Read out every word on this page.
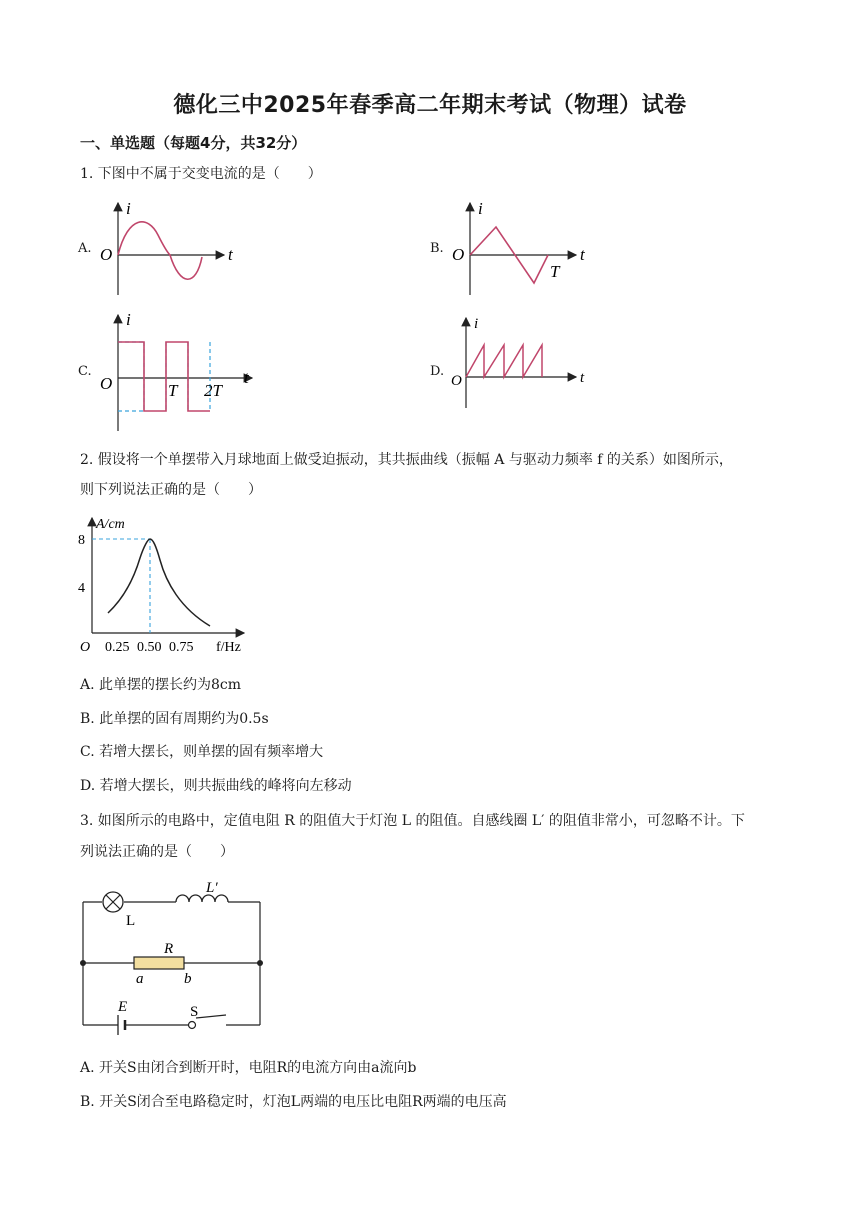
德化三中2025年春季高二年期末考试（物理）试卷
一、单选题（每题4分，共32分）
1. 下图中不属于交变电流的是（　　）
A.
i
t
O	B.
i
t
O
T
C.
i
t
O	T 2T
D.
i
t
O
2. 假设将一个单摆带入月球地面上做受迫振动，其共振曲线（振幅 A 与驱动力频率 f 的关系）如图所示，
则下列说法正确的是（　　）
A/cm
8
4
O 0.25 0.50 0.75 f/Hz
A. 此单摆的摆长约为8cm
B. 此单摆的固有周期约为0.5s
C. 若增大摆长，则单摆的固有频率增大
D. 若增大摆长，则共振曲线的峰将向左移动
3. 如图所示的电路中，定值电阻 R 的阻值大于灯泡 L 的阻值。自感线圈 L′ 的阻值非常小，可忽略不计。下
列说法正确的是（　　）
L′
L
R
a	b
E	S
A. 开关S由闭合到断开时，电阻R的电流方向由a流向b
B. 开关S闭合至电路稳定时，灯泡L两端的电压比电阻R两端的电压高
